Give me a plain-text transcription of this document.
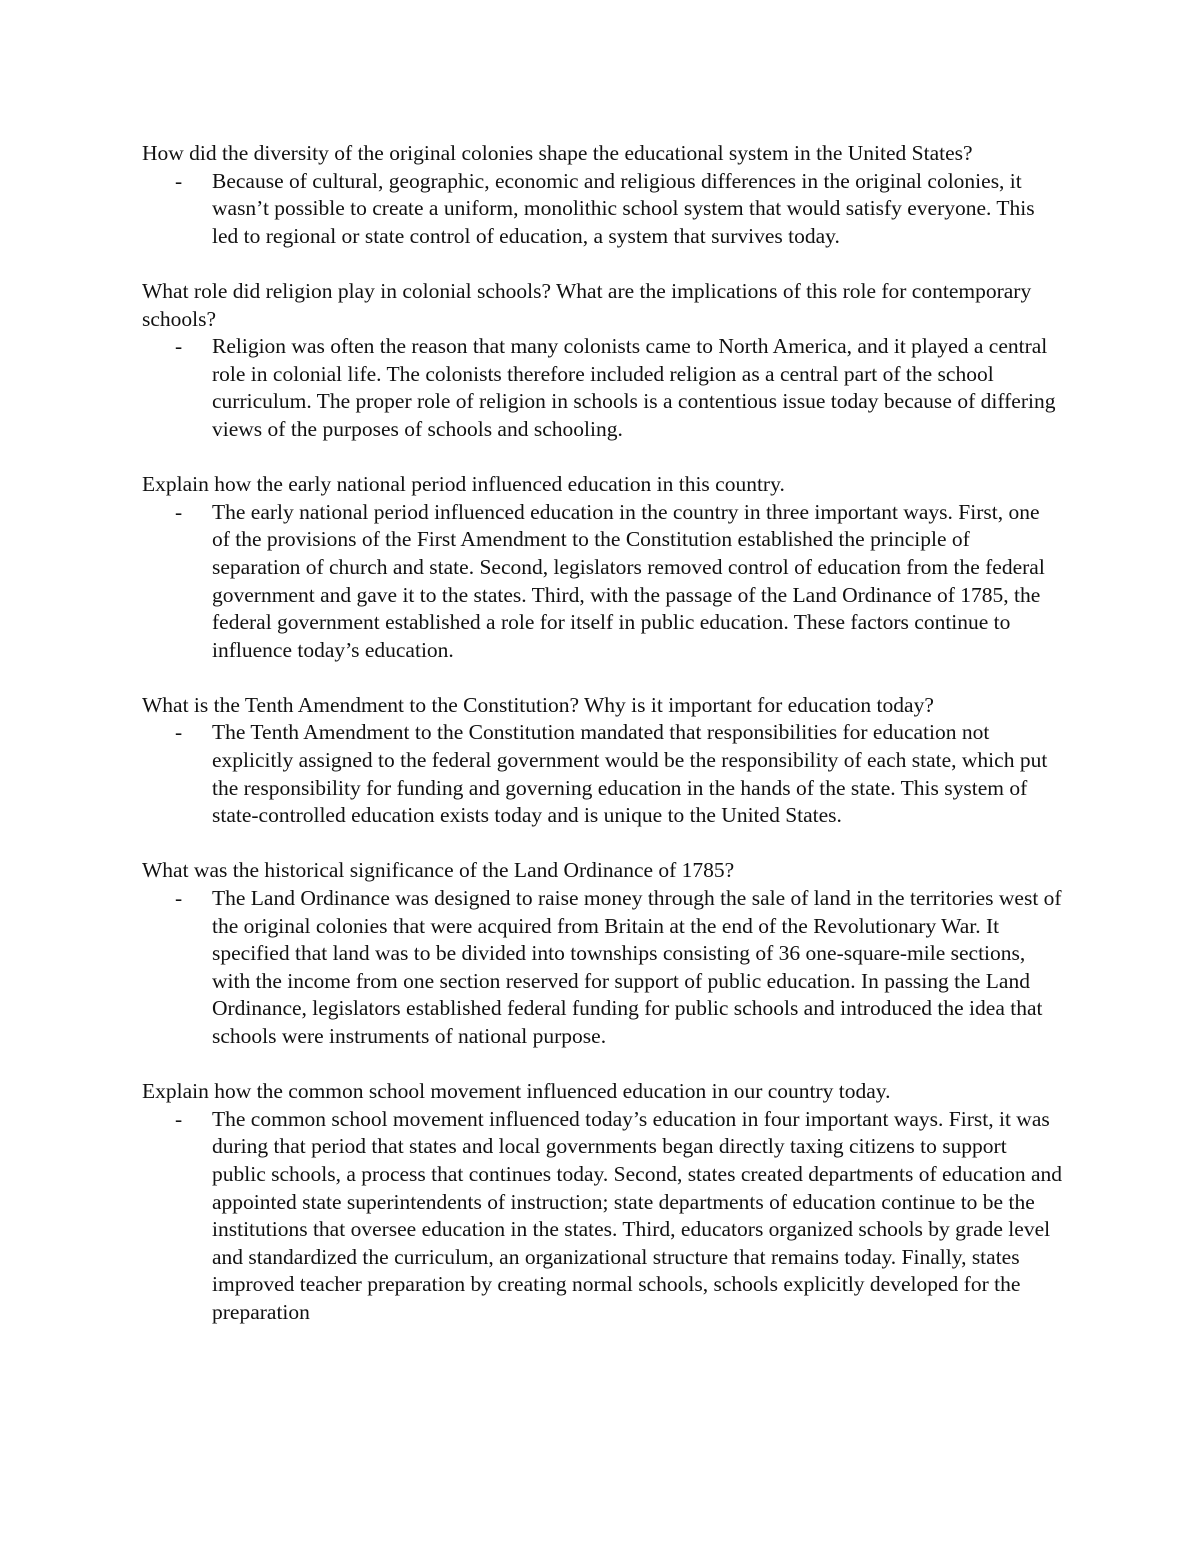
How did the diversity of the original colonies shape the educational system in the United States?

- Because of cultural, geographic, economic and religious differences in the original colonies, it wasn’t possible to create a uniform, monolithic school system that would satisfy everyone. This led to regional or state control of education, a system that survives today.

What role did religion play in colonial schools? What are the implications of this role for contemporary schools?

- Religion was often the reason that many colonists came to North America, and it played a central role in colonial life. The colonists therefore included religion as a central part of the school curriculum. The proper role of religion in schools is a contentious issue today because of differing views of the purposes of schools and schooling.

Explain how the early national period influenced education in this country.

- The early national period influenced education in the country in three important ways. First, one of the provisions of the First Amendment to the Constitution established the principle of separation of church and state. Second, legislators removed control of education from the federal government and gave it to the states. Third, with the passage of the Land Ordinance of 1785, the federal government established a role for itself in public education. These factors continue to influence today’s education.

What is the Tenth Amendment to the Constitution? Why is it important for education today?

- The Tenth Amendment to the Constitution mandated that responsibilities for education not explicitly assigned to the federal government would be the responsibility of each state, which put the responsibility for funding and governing education in the hands of the state. This system of state-controlled education exists today and is unique to the United States.

What was the historical significance of the Land Ordinance of 1785?

- The Land Ordinance was designed to raise money through the sale of land in the territories west of the original colonies that were acquired from Britain at the end of the Revolutionary War. It specified that land was to be divided into townships consisting of 36 one-square-mile sections, with the income from one section reserved for support of public education. In passing the Land Ordinance, legislators established federal funding for public schools and introduced the idea that schools were instruments of national purpose.

Explain how the common school movement influenced education in our country today.

- The common school movement influenced today’s education in four important ways. First, it was during that period that states and local governments began directly taxing citizens to support public schools, a process that continues today. Second, states created departments of education and appointed state superintendents of instruction; state departments of education continue to be the institutions that oversee education in the states. Third, educators organized schools by grade level and standardized the curriculum, an organizational structure that remains today. Finally, states improved teacher preparation by creating normal schools, schools explicitly developed for the preparation
